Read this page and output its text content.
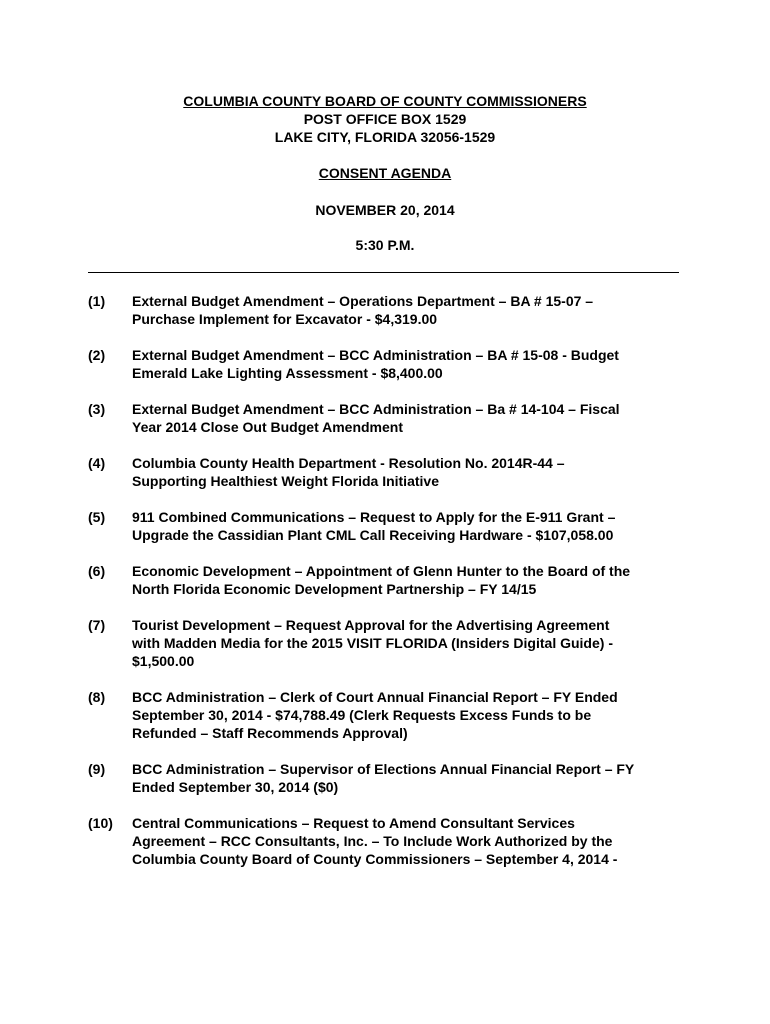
COLUMBIA COUNTY BOARD OF COUNTY COMMISSIONERS
POST OFFICE BOX 1529
LAKE CITY, FLORIDA 32056-1529
CONSENT AGENDA
NOVEMBER 20, 2014
5:30 P.M.
(1) External Budget Amendment – Operations Department – BA # 15-07 –
Purchase Implement for Excavator - $4,319.00
(2) External Budget Amendment – BCC Administration – BA # 15-08 - Budget
Emerald Lake Lighting Assessment - $8,400.00
(3) External Budget Amendment – BCC Administration – Ba # 14-104 – Fiscal
Year 2014 Close Out Budget Amendment
(4) Columbia County Health Department - Resolution No. 2014R-44 –
Supporting Healthiest Weight Florida Initiative
(5) 911 Combined Communications – Request to Apply for the E-911 Grant –
Upgrade the Cassidian Plant CML Call Receiving Hardware - $107,058.00
(6) Economic Development – Appointment of Glenn Hunter to the Board of the
North Florida Economic Development Partnership – FY 14/15
(7) Tourist Development – Request Approval for the Advertising Agreement
with Madden Media for the 2015 VISIT FLORIDA (Insiders Digital Guide) -
$1,500.00
(8) BCC Administration – Clerk of Court Annual Financial Report – FY Ended
September 30, 2014 - $74,788.49 (Clerk Requests Excess Funds to be
Refunded – Staff Recommends Approval)
(9) BCC Administration – Supervisor of Elections Annual Financial Report – FY
Ended September 30, 2014 ($0)
(10) Central Communications – Request to Amend Consultant Services
Agreement – RCC Consultants, Inc. – To Include Work Authorized by the
Columbia County Board of County Commissioners – September 4, 2014 -
